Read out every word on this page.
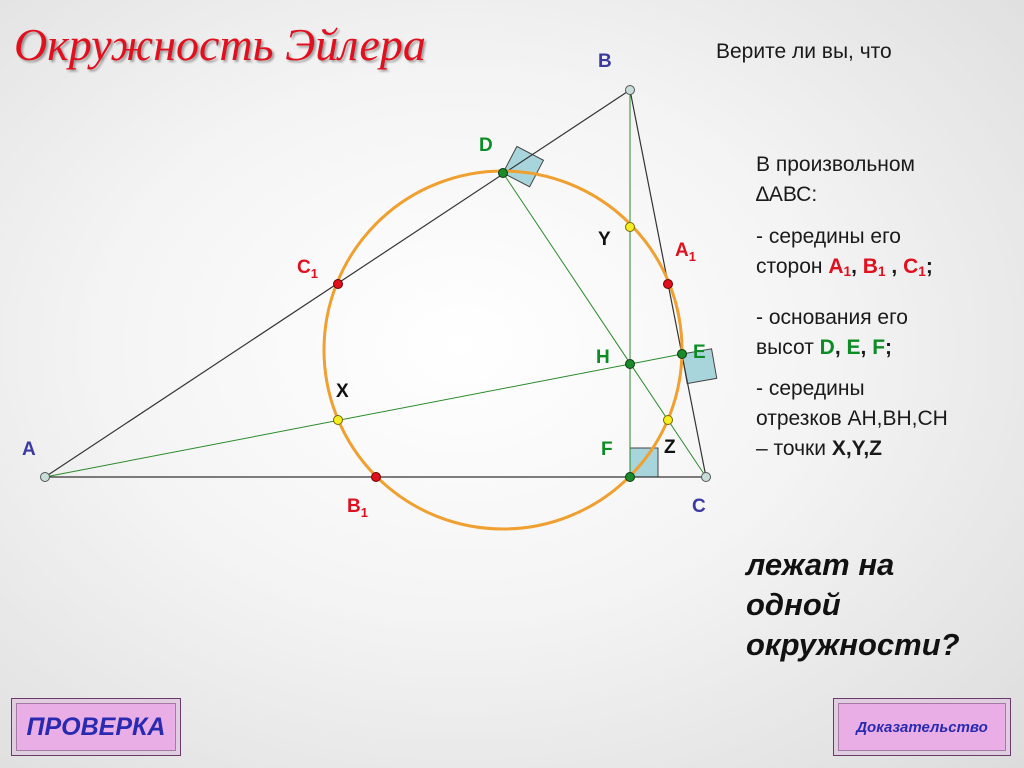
Окружность Эйлера
A
B
C
D
E
F
H
X
Y
Z
$A_1$
$B_1$
$C_1$
Верите ли вы, что
В произвольном
∆АВС:
- середины его
сторон $A_1$, $B_1$ , $C_1$;
- основания его
высот D, E, F;
- середины
отрезков АН,ВН,СН
– точки X,Y,Z
лежат на
одной
окружности?
ПРОВЕРКА	Доказательство
